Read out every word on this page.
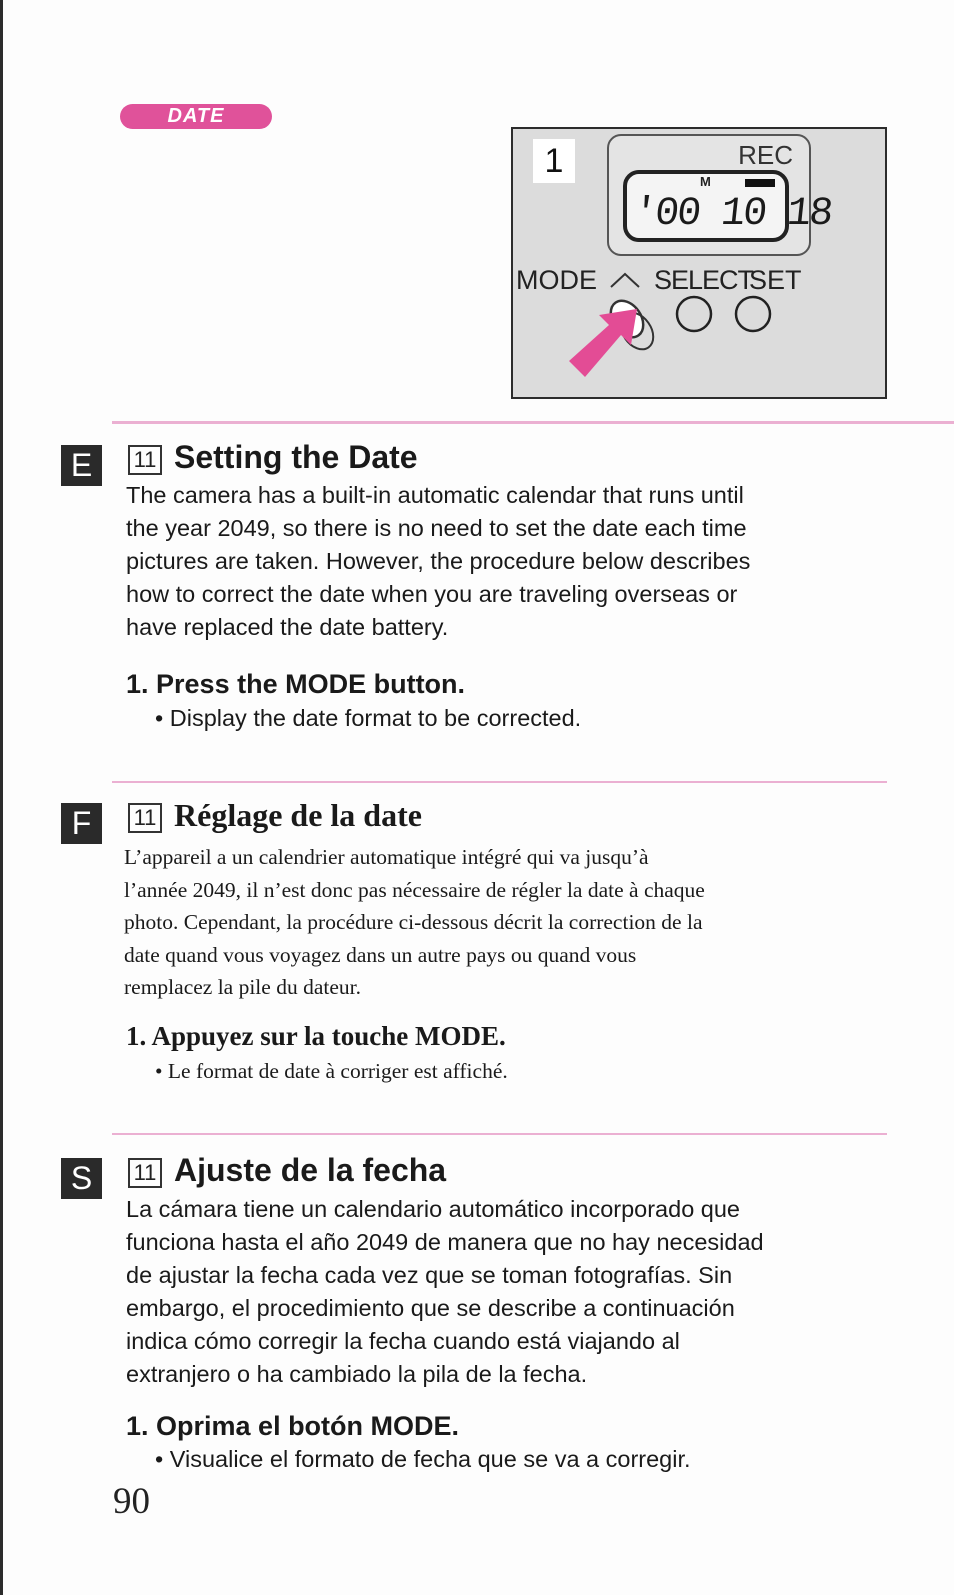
DATE
1	REC
M
'00 10 18
MODE SELECT
SET
E	11 Setting the Date
The camera has a built-in automatic calendar that runs until
the year 2049, so there is no need to set the date each time
pictures are taken. However, the procedure below describes
how to correct the date when you are traveling overseas or
have replaced the date battery.
1. Press the MODE button.
• Display the date format to be corrected.
F	11 Réglage de la date
L’appareil a un calendrier automatique intégré qui va jusqu’à
l’année 2049, il n’est donc pas nécessaire de régler la date à chaque
photo. Cependant, la procédure ci-dessous décrit la correction de la
date quand vous voyagez dans un autre pays ou quand vous
remplacez la pile du dateur.
1. Appuyez sur la touche MODE.
• Le format de date à corriger est affiché.
S	11 Ajuste de la fecha
La cámara tiene un calendario automático incorporado que
funciona hasta el año 2049 de manera que no hay necesidad
de ajustar la fecha cada vez que se toman fotografías. Sin
embargo, el procedimiento que se describe a continuación
indica cómo corregir la fecha cuando está viajando al
extranjero o ha cambiado la pila de la fecha.
1. Oprima el botón MODE.
• Visualice el formato de fecha que se va a corregir.
90
